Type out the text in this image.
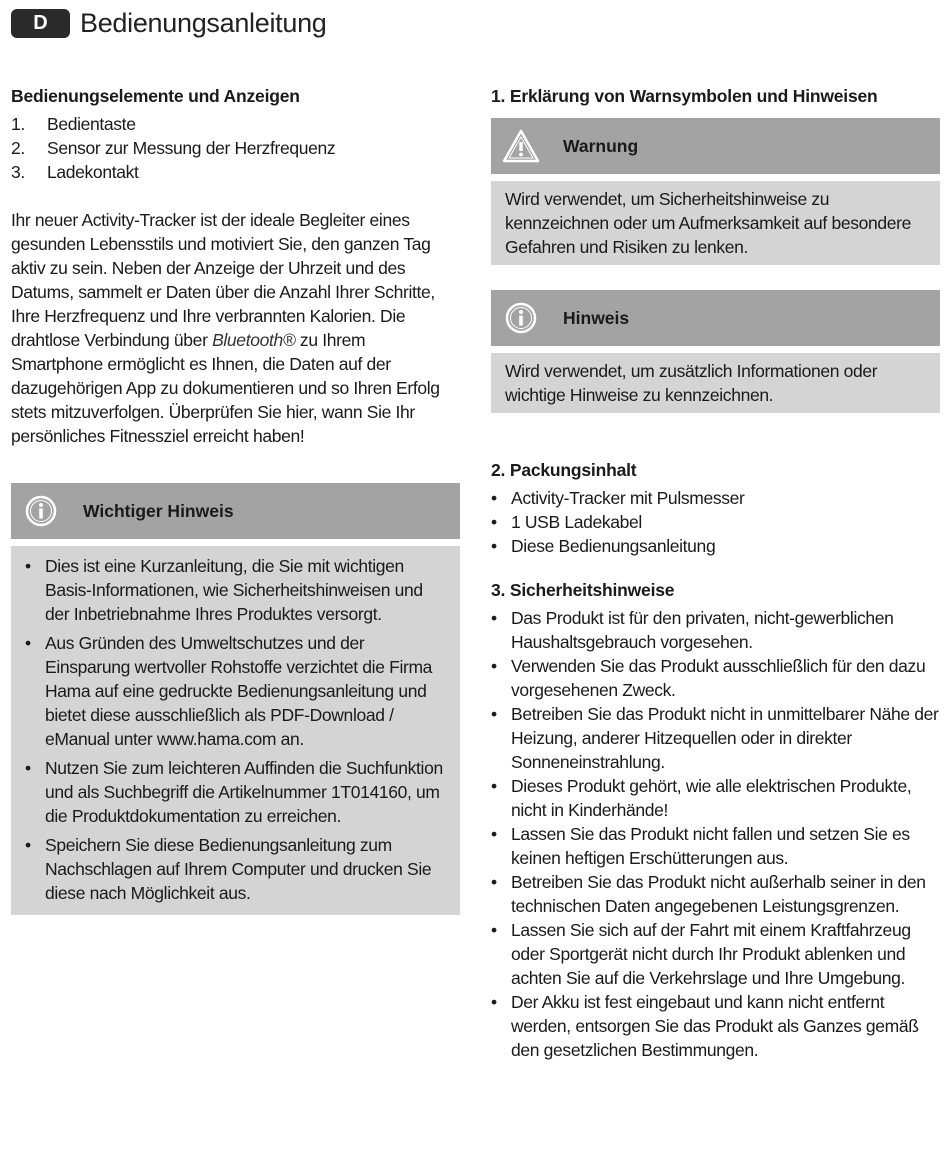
D	Bedienungsanleitung
Bedienungselemente und Anzeigen
1.	Bedientaste
2.	Sensor zur Messung der Herzfrequenz
3.	Ladekontakt
Ihr neuer Activity-Tracker ist der ideale Begleiter eines gesunden Lebensstils und motiviert Sie, den ganzen Tag aktiv zu sein. Neben der Anzeige der Uhrzeit und des Datums, sammelt er Daten über die Anzahl Ihrer Schritte, Ihre Herzfrequenz und Ihre verbrannten Kalorien. Die drahtlose Verbindung über Bluetooth® zu Ihrem Smartphone ermöglicht es Ihnen, die Daten auf der dazugehörigen App zu dokumentieren und so Ihren Erfolg stets mitzuverfolgen. Überprüfen Sie hier, wann Sie Ihr persönliches Fitnessziel erreicht haben!
Wichtiger Hinweis
• Dies ist eine Kurzanleitung, die Sie mit wichtigen Basis-Informationen, wie Sicherheitshinweisen und der Inbetriebnahme Ihres Produktes versorgt.
• Aus Gründen des Umweltschutzes und der Einsparung wertvoller Rohstoffe verzichtet die Firma Hama auf eine gedruckte Bedienungsanleitung und bietet diese ausschließlich als PDF-Download / eManual unter www.hama.com an.
• Nutzen Sie zum leichteren Auffinden die Suchfunktion und als Suchbegriff die Artikelnummer 1T014160, um die Produktdokumentation zu erreichen.
• Speichern Sie diese Bedienungsanleitung zum Nachschlagen auf Ihrem Computer und drucken Sie diese nach Möglichkeit aus.
1. Erklärung von Warnsymbolen und Hinweisen
Warnung
Wird verwendet, um Sicherheitshinweise zu kennzeichnen oder um Aufmerksamkeit auf besondere Gefahren und Risiken zu lenken.
Hinweis
Wird verwendet, um zusätzlich Informationen oder wichtige Hinweise zu kennzeichnen.
2. Packungsinhalt
• Activity-Tracker mit Pulsmesser
• 1 USB Ladekabel
• Diese Bedienungsanleitung
3. Sicherheitshinweise
• Das Produkt ist für den privaten, nicht-gewerblichen Haushaltsgebrauch vorgesehen.
• Verwenden Sie das Produkt ausschließlich für den dazu vorgesehenen Zweck.
• Betreiben Sie das Produkt nicht in unmittelbarer Nähe der Heizung, anderer Hitzequellen oder in direkter Sonneneinstrahlung.
• Dieses Produkt gehört, wie alle elektrischen Produkte, nicht in Kinderhände!
• Lassen Sie das Produkt nicht fallen und setzen Sie es keinen heftigen Erschütterungen aus.
• Betreiben Sie das Produkt nicht außerhalb seiner in den technischen Daten angegebenen Leistungsgrenzen.
• Lassen Sie sich auf der Fahrt mit einem Kraftfahrzeug oder Sportgerät nicht durch Ihr Produkt ablenken und achten Sie auf die Verkehrslage und Ihre Umgebung.
• Der Akku ist fest eingebaut und kann nicht entfernt werden, entsorgen Sie das Produkt als Ganzes gemäß den gesetzlichen Bestimmungen.
